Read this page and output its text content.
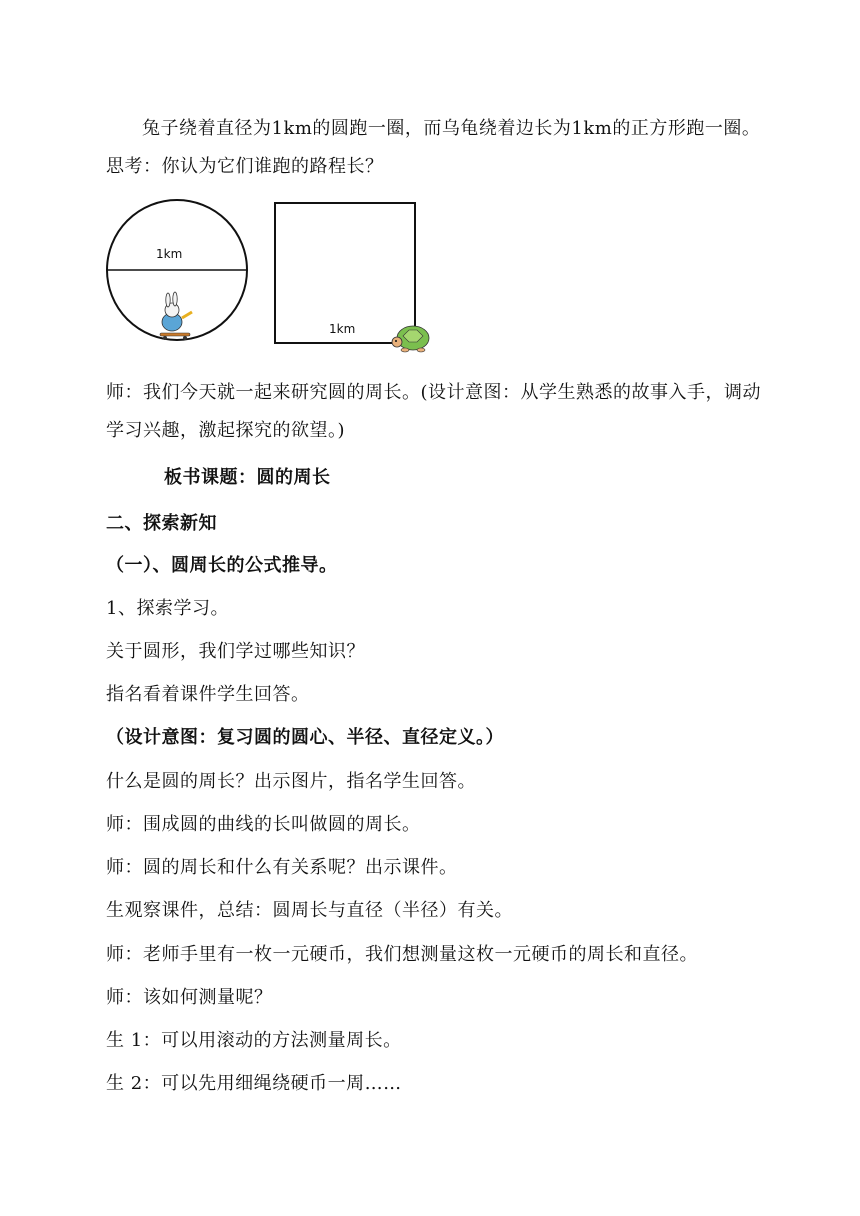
兔子绕着直径为1km的圆跑一圈，而乌龟绕着边长为1km的正方形跑一圈。思考：你认为它们谁跑的路程长？

1km
1km

师：我们今天就一起来研究圆的周长。(设计意图：从学生熟悉的故事入手，调动学习兴趣，激起探究的欲望。)

板书课题：圆的周长

二、探索新知

（一）、圆周长的公式推导。

1、探索学习。

关于圆形，我们学过哪些知识？

指名看着课件学生回答。

（设计意图：复习圆的圆心、半径、直径定义。）

什么是圆的周长？出示图片，指名学生回答。

师：围成圆的曲线的长叫做圆的周长。

师：圆的周长和什么有关系呢？出示课件。

生观察课件，总结：圆周长与直径（半径）有关。

师：老师手里有一枚一元硬币，我们想测量这枚一元硬币的周长和直径。

师：该如何测量呢？

生 1：可以用滚动的方法测量周长。

生 2：可以先用细绳绕硬币一周……
